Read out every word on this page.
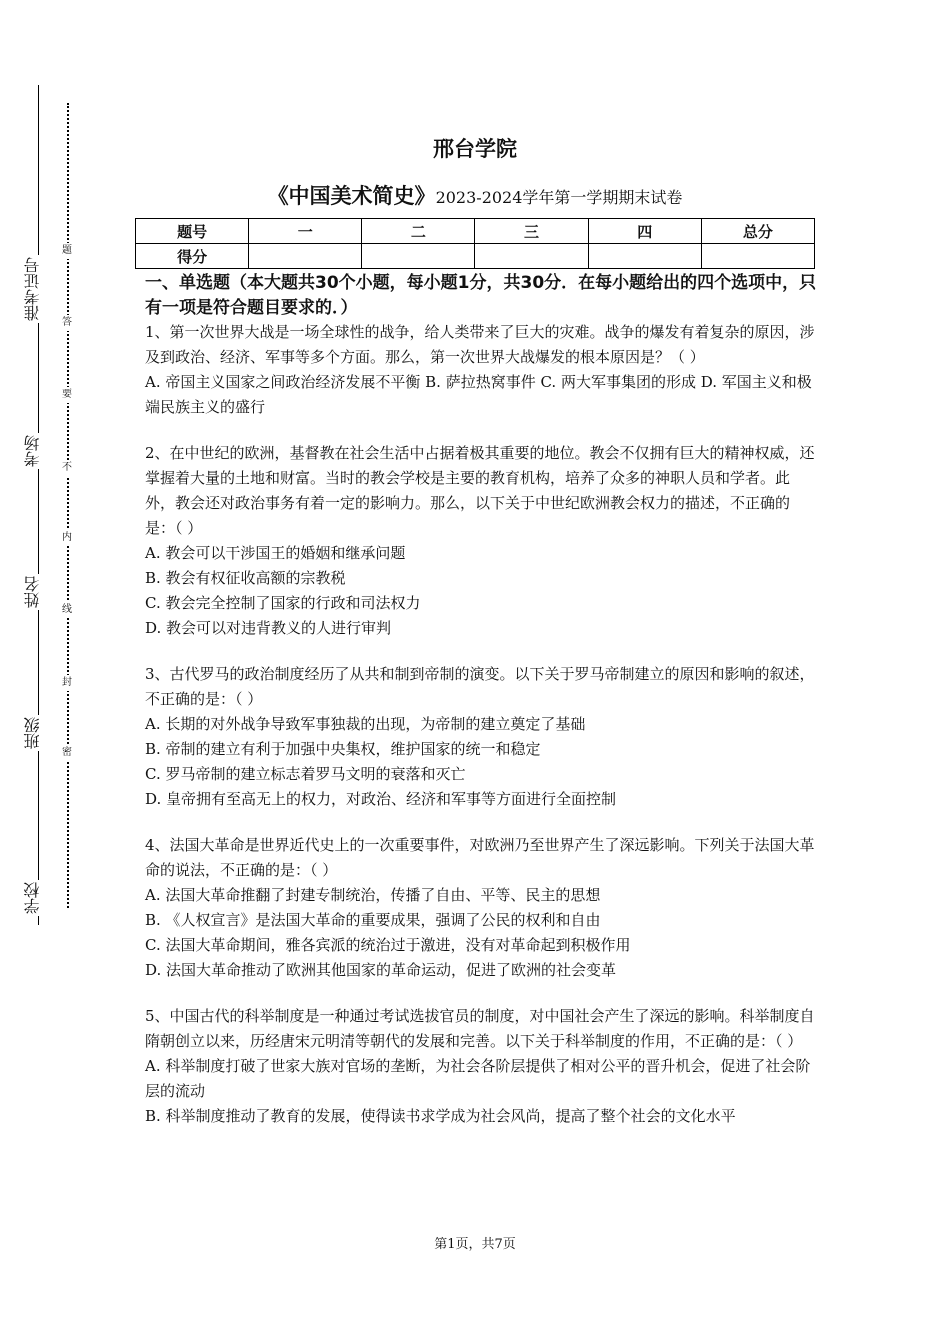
准考证号
考场
姓名
班级
学校
题
答
要
不
内
线
封
密
邢台学院
《中国美术简史》2023-2024学年第一学期期末试卷
题号	一	二	三	四	总分
得分					
一、单选题（本大题共30个小题，每小题1分，共30分．在每小题给出的四个选项中，只有一项是符合题目要求的．）

1、第一次世界大战是一场全球性的战争，给人类带来了巨大的灾难。战争的爆发有着复杂的原因，涉及到政治、经济、军事等多个方面。那么，第一次世界大战爆发的根本原因是？（ ）

A. 帝国主义国家之间政治经济发展不平衡 B. 萨拉热窝事件 C. 两大军事集团的形成 D. 军国主义和极端民族主义的盛行

2、在中世纪的欧洲，基督教在社会生活中占据着极其重要的地位。教会不仅拥有巨大的精神权威，还掌握着大量的土地和财富。当时的教会学校是主要的教育机构，培养了众多的神职人员和学者。此外，教会还对政治事务有着一定的影响力。那么，以下关于中世纪欧洲教会权力的描述，不正确的是：（ ）

A. 教会可以干涉国王的婚姻和继承问题

B. 教会有权征收高额的宗教税

C. 教会完全控制了国家的行政和司法权力

D. 教会可以对违背教义的人进行审判

3、古代罗马的政治制度经历了从共和制到帝制的演变。以下关于罗马帝制建立的原因和影响的叙述，不正确的是：（ ）

A. 长期的对外战争导致军事独裁的出现，为帝制的建立奠定了基础

B. 帝制的建立有利于加强中央集权，维护国家的统一和稳定

C. 罗马帝制的建立标志着罗马文明的衰落和灭亡

D. 皇帝拥有至高无上的权力，对政治、经济和军事等方面进行全面控制

4、法国大革命是世界近代史上的一次重要事件，对欧洲乃至世界产生了深远影响。下列关于法国大革命的说法，不正确的是：（ ）

A. 法国大革命推翻了封建专制统治，传播了自由、平等、民主的思想

B. 《人权宣言》是法国大革命的重要成果，强调了公民的权利和自由

C. 法国大革命期间，雅各宾派的统治过于激进，没有对革命起到积极作用

D. 法国大革命推动了欧洲其他国家的革命运动，促进了欧洲的社会变革

5、中国古代的科举制度是一种通过考试选拔官员的制度，对中国社会产生了深远的影响。科举制度自隋朝创立以来，历经唐宋元明清等朝代的发展和完善。以下关于科举制度的作用，不正确的是：（ ）

A. 科举制度打破了世家大族对官场的垄断，为社会各阶层提供了相对公平的晋升机会，促进了社会阶层的流动

B. 科举制度推动了教育的发展，使得读书求学成为社会风尚，提高了整个社会的文化水平

第1页，共7页
